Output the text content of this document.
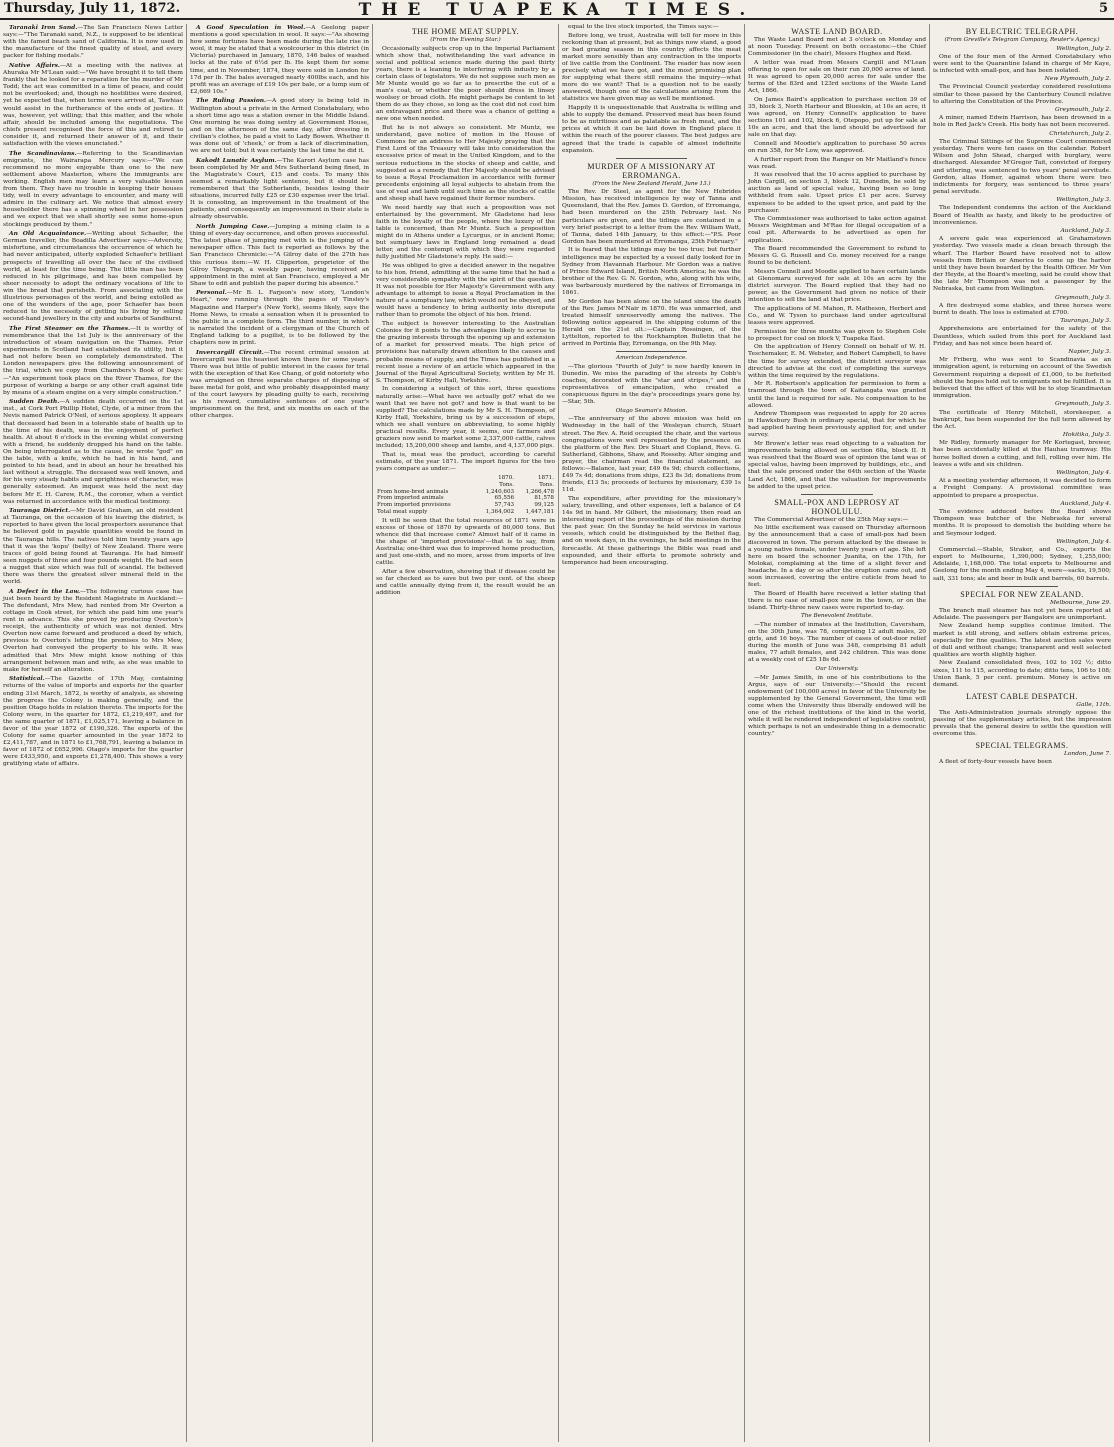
Thursday, July 11, 1872.	THE TUAPEKA TIMES.	5

Taranaki Iron Sand.—The San Francisco News Letter says:—"The Taranaki sand, N.Z., is supposed to be identical with the famed beach sand of California. It is now used in the manufacture of the finest quality of steel, and every packer for fishing medals."

Native Affairs.—At a meeting with the natives at Ahuraka Mr M'Lean said:—"We have brought it to tell them frankly that he looked for a reparation for the murder of Mr Todd; the act was committed in a time of peace, and could not be overlooked; and, though no hostilities were desired, yet he expected that, when terms were arrived at, Tawhiao would assist in the furtherance of the ends of justice. It was, however, yet willing; that this matter, and the whole affair, should be included among the negotiations. The chiefs present recognised the force of this and retired to consider it, and returned their answer of it, and their satisfaction with the views enunciated."

The Scandinavians.—Referring to the Scandinavian emigrants, the Wairarapa Mercury says:—"We can recommend no more enjoyable than one to the new settlement above Masterton, where the immigrants are working. English men may learn a very valuable lesson from them. They have no trouble in keeping their houses tidy, well in every advantage to encounter, and many will admire in the culinary art. We notice that almost every householder there has a spinning wheel in her possession and we expect that we shall shortly see some home-spun stockings produced by them."

An Old Acquaintance.—Writing about Schaefer, the German traveller, the Boadilla Advertiser says:—Adversity, misfortune, and circumstances the occurrence of which he had never anticipated, utterly exploded Schaefer's brilliant prospects of travelling all over the face of the civilised world, at least for the time being. The little man has been reduced in his pilgrimage, and has been compelled by sheer necessity to adopt the ordinary vocations of life to win the bread that perisheth. From associating with the illustrious personages of the world, and being extolled as one of the wonders of the age, poor Schaefer has been reduced to the necessity of getting his living by selling second-hand jewellery in the city and suburbs of Sandhurst.

The First Steamer on the Thames.—It is worthy of remembrance that the 1st July is the anniversary of the introduction of steam navigation on the Thames. Prior experiments in Scotland had established its utility, but it had not before been so completely demonstrated. The London newspapers give the following announcement of the trial, which we copy from Chambers's Book of Days:—"An experiment took place on the River Thames, for the purpose of working a barge or any other craft against tide by means of a steam engine on a very simple construction."

Sudden Death.—A sudden death occurred on the 1st inst., at Cork Port Phillip Hotel, Clyde, of a miner from the Nevis named Patrick O'Neil, of serious apoplexy. It appears that deceased had been in a tolerable state of health up to the time of his death, was in the enjoyment of perfect health. At about 6 o'clock in the evening whilst conversing with a friend, he suddenly dropped his hand on the table. On being interrogated as to the cause, he wrote "god" on the table, with a knife, which he had in his hand, and pointed to his head, and in about an hour he breathed his last without a struggle. The deceased was well known, and for his very steady habits and uprightness of character, was generally esteemed. An inquest was held the next day before Mr E. H. Carew, R.M., the coroner, when a verdict was returned in accordance with the medical testimony.

Tauranga District.—Mr David Graham, an old resident at Tauranga, on the occasion of his leaving the district, is reported to have given the local prospectors assurance that he believed gold in payable quantities would be found in the Tauranga hills. The natives told him twenty years ago that it was the 'kopu' (belly) of New Zealand. There were traces of gold being found at Tauranga. He had himself seen nuggets of three and four pounds weight. He had seen a nugget that size which was full of scandal. He believed there was there the greatest silver mineral field in the world.

A Defect in the Law.—The following curious case has just been heard by the Resident Magistrate in Auckland:—The defendant, Mrs Mew, had rented from Mr Overton a cottage in Cook street, for which she paid him one year's rent in advance. This she proved by producing Overton's receipt, the authenticity of which was not denied. Mrs Overton now came forward and produced a deed by which, previous to Overton's letting the premises to Mrs Mew, Overton had conveyed the property to his wife. It was admitted that Mrs Mew might know nothing of this arrangement between man and wife, as she was unable to make for herself an alteration.

Statistical.—The Gazette of 17th May, containing returns of the value of imports and exports for the quarter ending 31st March, 1872, is worthy of analysis, as showing the progress the Colony is making generally, and the position Otago holds in relation thereto. The imports for the Colony were, in the quarter for 1872, £1,219,497, and for the same quarter of 1871, £1,025,171, leaving a balance in favor of the year 1872 of £190,326. The exports of the Colony for same quarter amounted in the year 1872 to £2,411,787, and in 1871 to £1,768,791, leaving a balance in favor of 1872 of £652,996. Otago's imports for the quarter were £433,950, and exports £1,278,400. This shows a very gratifying state of affairs.

A Good Speculation in Wool.—A Geelong paper mentions a good speculation in wool. It says:—"As showing how some fortunes have been made during the late rise in wool, it may be stated that a woolcourier in this district (in Victoria) purchased in January, 1870, 146 bales of washed locks at the rate of 6½d per lb. He kept them for some time, and in November, 1874, they were sold in London for 17d per lb. The bales averaged nearly 400lbs each, and his profit was an average of £19 10s per bale, or a lump sum of £2,669 10s."

The Ruling Passion.—A good story is being told in Wellington about a private in the Armed Constabulary, who a short time ago was a station owner in the Middle Island. One morning he was doing sentry at Government House, and on the afternoon of the same day, after dressing in civilian's clothes, he paid a visit to Lady Bowen. Whether it was done out of 'cheek,' or from a lack of discrimination, we are not told; but it was certainly the last time he did it.

Kakodt Lunatic Asylum.—The Karori Asylum case has been completed by Mr and Mrs Sutherland being fined, in the Magistrate's Court, £15 and costs. To many this seemed a remarkably light sentence, but it should be remembered that the Sutherlands, besides losing their situations, incurred fully £25 or £30 expense over the trial. It is consoling, an improvement in the treatment of the patients, and consequently an improvement in their state is already observable.

North Jumping Case.—Jumping a mining claim is a thing of every-day occurrence, and often proves successful. The latest phase of jumping met with is the jumping of a newspaper office. This fact is reported as follows by the San Francisco Chronicle:—"A Gilroy date of the 27th has this curious item:—W. H. Clipperton, proprietor of the Gilroy Telegraph, a weekly paper, having received an appointment in the mint at San Francisco, employed a Mr Shaw to edit and publish the paper during his absence."

Personal.—Mr B. L. Farjeon's new story, 'London's Heart,' now running through the pages of Tinsley's Magazine and Harper's (New York), seems likely, says the Home News, to create a sensation when it is presented to the public in a complete form. The third number, in which is narrated the incident of a clergyman of the Church of England talking to a pugilist, is to be followed by the chapters now in print.

Invercargill Circuit.—The recent criminal session at Invercargill was the heaviest known there for some years. There was but little of public interest in the cases for trial with the exception of that Kee Chang, of gold notoriety who was arraigned on three separate charges of disposing of base metal for gold, and who probably disappointed many of the court lawyers by pleading guilty to each, receiving as his reward, cumulative sentences of one year's imprisonment on the first, and six months on each of the other charges.

THE HOME MEAT SUPPLY.
(From the Evening Star.)

Occasionally subjects crop up in the Imperial Parliament which show that, notwithstanding the vast advance in social and political science made during the past thirty years, there is a leaning to interfering with industry by a certain class of legislators. We do not suppose such men as Mr Muntz would go so far as to prescribe the cut of a man's coat, or whether the poor should dress in linsey woolsey or broad cloth. He might perhaps be content to let them do as they chose, so long as the cost did not cost him an extravagant price and there was a chance of getting a new one when needed.

But he is not always so consistent. Mr Muntz, we understand, gave notice of motion in the House of Commons for an address to Her Majesty praying that the First Lord of the Treasury will take into consideration the excessive price of meat in the United Kingdom, and to the serious reductions in the stocks of sheep and cattle, and suggested as a remedy that Her Majesty should be advised to issue a Royal Proclamation in accordance with former precedents enjoining all loyal subjects to abstain from the use of veal and lamb until such time as the stocks of cattle and sheep shall have regained their former numbers.

We need hardly say that such a proposition was not entertained by the government. Mr Gladstone had less faith in the loyalty of the people, where the luxury of the table is concerned, than Mr Muntz. Such a proposition might do in Athens under a Lycurgus, or in ancient Rome; but sumptuary laws in England long remained a dead letter, and the contempt with which they were regarded fully justified Mr Gladstone's reply. He said:—

He was obliged to give a decided answer in the negative to his hon. friend, admitting at the same time that he had a very considerable sympathy with the spirit of the question. It was not possible for Her Majesty's Government with any advantage to attempt to issue a Royal Proclamation in the nature of a sumptuary law, which would not be obeyed, and would have a tendency to bring authority into disrepute rather than to promote the object of his hon. friend.

The subject is however interesting to the Australian Colonies for it points to the advantages likely to accrue to the grazing interests through the opening up and extension of a market for preserved meats. The high price of provisions has naturally drawn attention to the causes and probable means of supply, and the Times has published in a recent issue a review of an article which appeared in the Journal of the Royal Agricultural Society, written by Mr H. S. Thompson, of Kirby Hall, Yorkshire.

In considering a subject of this sort, three questions naturally arise:—What have we actually got? what do we want that we have not got? and how is that want to be supplied? The calculations made by Mr S. H. Thompson, of Kirby Hall, Yorkshire, bring us by a succession of steps, which we shall venture on abbreviating, to some highly practical results. Every year, it seems, our farmers and graziers now send to market some 2,337,000 cattle, calves included; 15,200,000 sheep and lambs, and 4,137,000 pigs.

That is, meat was the product, according to careful estimate, of the year 1871. The import figures for the two years compare as under:—

	1870.	1871.
	Tons.	Tons.
From home-bred animals	1,240,603	1,266,478
From imported animals	65,556	81,578
From imported provisions	57,743	99,125
Total meat supply	1,364,002	1,447,181

It will be seen that the total resources of 1871 were in excess of those of 1870 by upwards of 80,000 tons. But whence did that increase come? Almost half of it came in the shape of 'imported provisions'—that is to say, from Australia; one-third was due to improved home production, and just one-sixth, and no more, arose from imports of live cattle.

After a few observation, showing that if disease could be so far checked as to save but two per cent. of the sheep and cattle annually dying from it, the result would be an addition

equal to the live stock imported, the Times says:—

Before long, we trust, Australia will tell for more in this reckoning than at present, but as things now stand, a good or bad grazing season in this country affects the meat market more sensibly than any contraction in the imports of live cattle from the Continent. The reader has now seen precisely what we have got, and the most promising plan for supplying what there still remains the inquiry—what more do we want? That is a question not to be easily answered, though one of the calculations arising from the statistics we have given may as well be mentioned.

Happily it is unquestionable that Australia is willing and able to supply the demand. Preserved meat has been found to be as nutritious and as palatable as fresh meat, and the prices at which it can be laid down in England place it within the reach of the poorer classes. The best judges are agreed that the trade is capable of almost indefinite expansion.

MURDER OF A MISSIONARY AT ERROMANGA.
(From the New Zealand Herald, June 13.)

The Rev. Dr Steel, as agent for the New Hebrides Mission, has received intelligence by way of Tanna and Queensland, that the Rev. James D. Gordon, of Erromanga, had been murdered on the 25th February last. No particulars are given, and the tidings are contained in a very brief postscript to a letter from the Rev. William Watt, of Tanna, dated 14th January, to this effect:—"P.S. Poor Gordon has been murdered at Erromanga, 25th February."

It is feared that the tidings may be too true; but further intelligence may be expected by a vessel daily looked for in Sydney from Havannah Harbour. Mr Gordon was a native of Prince Edward Island, British North America; he was the brother of the Rev. G. N. Gordon, who, along with his wife, was barbarously murdered by the natives of Erromanga in 1861.

Mr Gordon has been alone on the island since the death of the Rev. James M'Nair in 1870. He was unmarried, and treated himself unreservedly among the natives. The following notice appeared in the shipping column of the Herald on the 21st ult.:—Captain Rossingen, of the Lyttelton, reported to the Rockhampton Bulletin that he arrived in Portinia Bay, Erromanga, on the 9th May.

American Independence.

—The glorious "Fourth of July" is now hardly known in Dunedin. We miss the parading of the streets by Cobb's coaches, decorated with the "star and stripes," and the representatives of emancipation, who created a conspicuous figure in the day's proceedings years gone by.—Star, 5th.

Otago Seaman's Mission.

—The anniversary of the above mission was held on Wednesday in the hall of the Wesleyan church, Stuart street. The Rev. A. Reid occupied the chair, and the various congregations were well represented by the presence on the platform of the Rev. Drs Stuart and Copland, Revs. G. Sutherland, Gibbons, Shaw, and Rosseby. After singing and prayer, the chairman read the financial statement, as follows:—Balance, last year, £49 6s 9d; church collections, £49 7s 4d; donations from ships, £23 8s 3d; donations from friends, £13 5s; proceeds of lectures by missionary, £39 1s 11d.

The expenditure, after providing for the missionary's salary, travelling, and other expenses, left a balance of £4 14s 9d in hand. Mr Gilbert, the missionary, then read an interesting report of the proceedings of the mission during the past year. On the Sunday he held services in various vessels, which could be distinguished by the Bethel flag, and on week days, in the evenings, he held meetings in the forecastle. At these gatherings the Bible was read and expounded, and their efforts to promote sobriety and temperance had been encouraging.

WASTE LAND BOARD.

The Waste Land Board met at 3 o'clock on Monday and at noon Tuesday. Present on both occasions:—the Chief Commissioner (in the chair), Messrs Hughes and Reid.

A letter was read from Messrs Cargill and M'Lean offering to open for sale on their run 20,000 acres of land. It was agreed to open 20,000 acres for sale under the terms of the 83rd and 123rd sections of the Waste Land Act, 1866.

On James Baird's application to purchase section 39 of 35, block 3, North Harbour and Blueskin, at 10s an acre, it was agreed, on Henry Connell's application to have sections 101 and 102, block 6, Otepopo, put up for sale at 10s an acre, and that the land should be advertised for sale on that day.

Connell and Moodie's application to purchase 50 acres on run 358, for Mr Low, was approved.

A further report from the Ranger on Mr Maitland's fence was read.

It was resolved that the 10 acres applied to purchase by John Cargill, on section 3, block 12, Dunedin, be sold by auction as land of special value, having been so long withheld from sale. Upset price £1 per acre. Survey expenses to be added to the upset price, and paid by the purchaser.

The Commissioner was authorised to take action against Messrs Weightman and M'Rae for illegal occupation of a coal pit. Afterwards to be advertised as open for application.

The Board recommended the Government to refund to Messrs G. G. Russell and Co. money received for a range found to be deficient.

Messrs Connell and Moodie applied to have certain lands at Glenomaru surveyed for sale at 10s an acre by the district surveyor. The Board replied that they had no power, as the Government had given no notice of their intention to sell the land at that price.

The applications of M. Mahon, R. Matheson, Herbert and Co., and W. Tyson to purchase land under agricultural leases were approved.

Permission for three months was given to Stephen Cole to prospect for coal on block V, Tuapeka East.

On the application of Henry Connell on behalf of W. H. Teschemaker, E. M. Webster, and Robert Campbell, to have the time for survey extended, the district surveyor was directed to advise at the cost of completing the surveys within the time required by the regulations.

Mr R. Robertson's application for permission to form a tramroad through the town of Kaitangata was granted until the land is required for sale. No compensation to be allowed.

Andrew Thompson was requested to apply for 20 acres in Hawksbury Bush in ordinary special, that for which he had applied having been previously applied for, and under survey.

Mr Brown's letter was read objecting to a valuation for improvements being allowed on section 60a, block II. It was resolved that the Board was of opinion the land was of special value, having been improved by buildings, etc., and that the sale proceed under the 64th section of the Waste Land Act, 1866, and that the valuation for improvements be added to the upset price.

SMALL-POX AND LEPROSY AT HONOLULU.

The Commercial Advertiser of the 25th May says:—

No little excitement was caused on Thursday afternoon by the announcement that a case of small-pox had been discovered in town. The person attacked by the disease is a young native female, under twenty years of age. She left here on board the schooner Juanita, on the 17th, for Molokai, complaining at the time of a slight fever and headache. In a day or so after the eruption came out, and soon increased, covering the entire cuticle from head to feet.

The Board of Health have received a letter stating that there is no case of small-pox now in the town, or on the island. Thirty-three new cases were reported to-day.

The Benevolent Institute.

—The number of inmates at the Institution, Caversham, on the 30th June, was 78, comprising 12 adult males, 20 girls, and 16 boys. The number of cases of out-door relief during the month of June was 348, comprising 81 adult males, 77 adult females, and 242 children. This was done at a weekly cost of £25 18s 6d.

Our University.

—Mr James Smith, in one of his contributions to the Argus, says of our University:—"Should the recent endowment (of 100,000 acres) in favor of the University be supplemented by the General Government, the time will come when the University thus liberally endowed will be one of the richest institutions of the kind in the world, while it will be rendered independent of legislative control, which perhaps is not an undesirable thing in a democratic country."

BY ELECTRIC TELEGRAPH.
(From Greville's Telegram Company, Reuter's Agency.)
Wellington, July 2.

One of the four men of the Armed Constabulary who were sent to the Quarantine Island in charge of Mr Kaye, is infected with small-pox, and has been isolated.

New Plymouth, July 2.

The Provincial Council yesterday considered resolutions similar to those passed by the Canterbury Council relative to altering the Constitution of the Province.

Greymouth, July 2.

A miner, named Edwin Harrison, has been drowned in a hole in Red Jack's Creek. His body has not been recovered.

Christchurch, July 2.

The Criminal Sittings of the Supreme Court commenced yesterday. There were ten cases on the calendar. Robert Wilson and John Shead, charged with burglary, were discharged. Alexander M'Gregor Tait, convicted of forgery and uttering, was sentenced to two years' penal servitude. Gordon, alias Homer, against whom there were two indictments for forgery, was sentenced to three years' penal servitude.

Wellington, July 3.

The Independent condemns the action of the Auckland Board of Health as hasty, and likely to be productive of inconvenience.

Auckland, July 3.

A severe gale was experienced at Grahamstown yesterday. Two vessels made a clean breach through the wharf. The Harbor Board have resolved not to allow vessels from Britain or America to come up the harbor until they have been boarded by the Health Officer. Mr Von der Heyde, at the Board's meeting, said he could show that the late Mr Thompson was not a passenger by the Nebraska, but came from Wellington.

Greymouth, July 3.

A fire destroyed some stables, and three horses were burnt to death. The loss is estimated at £700.

Tauranga, July 3.

Apprehensions are entertained for the safety of the Dauntless, which sailed from this port for Auckland last Friday, and has not since been heard of.

Napier, July 3.

Mr Friberg, who was sent to Scandinavia as an immigration agent, is returning on account of the Swedish Government requiring a deposit of £1,000, to be forfeited should the hopes held out to emigrants not be fulfilled. It is believed that the effect of this will be to stop Scandinavian immigration.

Greymouth, July 3.

The certificate of Henry Mitchell, storekeeper, a bankrupt, has been suspended for the full term allowed by the Act.

Hokitika, July 3.

Mr Ridley, formerly manager for Mr Kortegast, brewer, has been accidentally killed at the Hauhau tramway. His horse bolted down a cutting, and fell, rolling over him. He leaves a wife and six children.

Wellington, July 4.

At a meeting yesterday afternoon, it was decided to form a Freight Company. A provisional committee was appointed to prepare a prospectus.

Auckland, July 4.

The evidence adduced before the Board shows Thompson was butcher of the Nebraska for several months. It is proposed to demolish the building where he and Seymour lodged.

Wellington, July 4.

Commercial.—Stable, Straker, and Co., exports the export to Melbourne, 1,390,000; Sydney, 1,255,000; Adelaide, 1,168,000. The total exports to Melbourne and Geelong for the month ending May 4, were—sacks, 19,500; salt, 331 tons; ale and beer in bulk and barrels, 60 barrels.

SPECIAL FOR NEW ZEALAND.
Melbourne, June 29.

The branch mail steamer has not yet been reported at Adelaide. The passengers per Bangalore are unimportant.

New Zealand hemp supplies continue limited. The market is still strong, and sellers obtain extreme prices, especially for fine qualities. The latest auction sales were of dull and without change; transparent and well selected qualities are worth slightly higher.

New Zealand consolidated fives, 102 to 102 ½; ditto sixes, 111 to 115, according to date; ditto tens, 106 to 108; Union Bank, 5 per cent. premium. Money is active on demand.

LATEST CABLE DESPATCH.
Galle, 11th.

The Anti-Administration journals strongly oppose the passing of the supplementary articles, but the impression prevails that the general desire to settle the question will overcome this.

SPECIAL TELEGRAMS.
London, June 7.

A fleet of forty-four vessels have been
